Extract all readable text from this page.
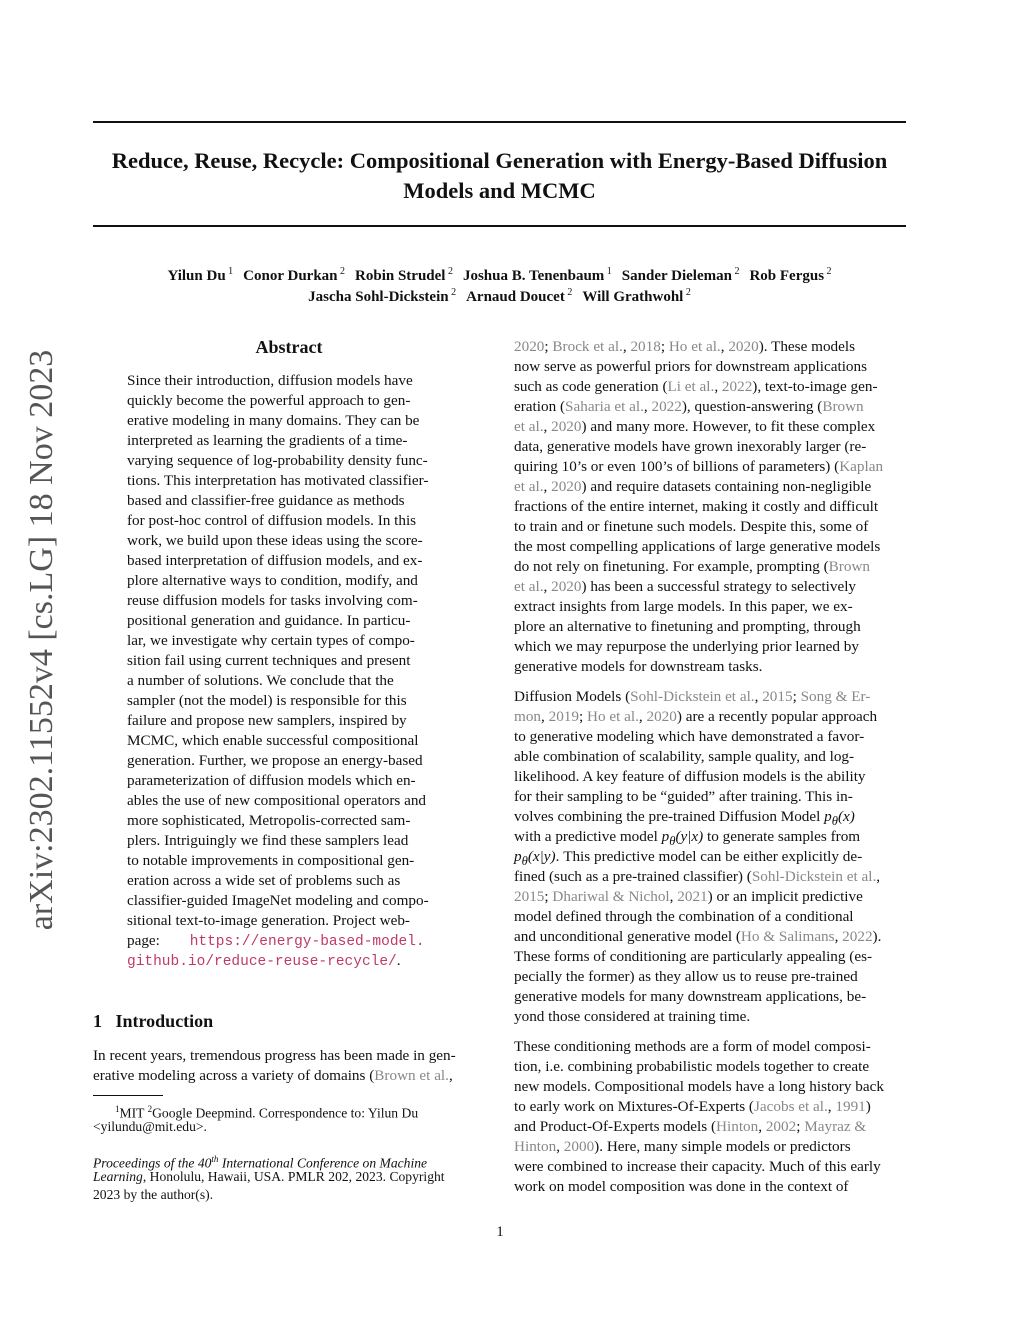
Reduce, Reuse, Recycle: Compositional Generation with Energy-Based Diffusion
Models and MCMC
Yilun Du $^1$ Conor Durkan $^2$ Robin Strudel $^2$ Joshua B. Tenenbaum $^1$ Sander Dieleman $^2$ Rob Fergus $^2$
Jascha Sohl-Dickstein $^2$ Arnaud Doucet $^2$ Will Grathwohl $^2$
arXiv:2302.11552v4 [cs.LG] 18 Nov 2023
Abstract
Since their introduction, diffusion models have
quickly become the powerful approach to gen-
erative modeling in many domains. They can be
interpreted as learning the gradients of a time-
varying sequence of log-probability density func-
tions. This interpretation has motivated classifier-
based and classifier-free guidance as methods
for post-hoc control of diffusion models. In this
work, we build upon these ideas using the score-
based interpretation of diffusion models, and ex-
plore alternative ways to condition, modify, and
reuse diffusion models for tasks involving com-
positional generation and guidance. In particu-
lar, we investigate why certain types of compo-
sition fail using current techniques and present
a number of solutions. We conclude that the
sampler (not the model) is responsible for this
failure and propose new samplers, inspired by
MCMC, which enable successful compositional
generation. Further, we propose an energy-based
parameterization of diffusion models which en-
ables the use of new compositional operators and
more sophisticated, Metropolis-corrected sam-
plers. Intriguingly we find these samplers lead
to notable improvements in compositional gen-
eration across a wide set of problems such as
classifier-guided ImageNet modeling and compo-
sitional text-to-image generation. Project web-
page: https://energy-based-model.
github.io/reduce-reuse-recycle/.
1   Introduction
In recent years, tremendous progress has been made in gen-
erative modeling across a variety of domains (Brown et al.,
$^1$MIT $^2$Google Deepmind. Correspondence to: Yilun Du
<yilundu@mit.edu>.
Proceedings of the 40th International Conference on Machine
Learning, Honolulu, Hawaii, USA. PMLR 202, 2023. Copyright
2023 by the author(s).
2020; Brock et al., 2018; Ho et al., 2020). These models
now serve as powerful priors for downstream applications
such as code generation (Li et al., 2022), text-to-image gen-
eration (Saharia et al., 2022), question-answering (Brown
et al., 2020) and many more. However, to fit these complex
data, generative models have grown inexorably larger (re-
quiring 10’s or even 100’s of billions of parameters) (Kaplan
et al., 2020) and require datasets containing non-negligible
fractions of the entire internet, making it costly and difficult
to train and or finetune such models. Despite this, some of
the most compelling applications of large generative models
do not rely on finetuning. For example, prompting (Brown
et al., 2020) has been a successful strategy to selectively
extract insights from large models. In this paper, we ex-
plore an alternative to finetuning and prompting, through
which we may repurpose the underlying prior learned by
generative models for downstream tasks.
Diffusion Models (Sohl-Dickstein et al., 2015; Song & Er-
mon, 2019; Ho et al., 2020) are a recently popular approach
to generative modeling which have demonstrated a favor-
able combination of scalability, sample quality, and log-
likelihood. A key feature of diffusion models is the ability
for their sampling to be “guided” after training. This in-
volves combining the pre-trained Diffusion Model $p_\theta(x)$
with a predictive model $p_\theta(y|x)$ to generate samples from
$p_\theta(x|y)$. This predictive model can be either explicitly de-
fined (such as a pre-trained classifier) (Sohl-Dickstein et al.,
2015; Dhariwal & Nichol, 2021) or an implicit predictive
model defined through the combination of a conditional
and unconditional generative model (Ho & Salimans, 2022).
These forms of conditioning are particularly appealing (es-
pecially the former) as they allow us to reuse pre-trained
generative models for many downstream applications, be-
yond those considered at training time.
These conditioning methods are a form of model composi-
tion, i.e. combining probabilistic models together to create
new models. Compositional models have a long history back
to early work on Mixtures-Of-Experts (Jacobs et al., 1991)
and Product-Of-Experts models (Hinton, 2002; Mayraz &
Hinton, 2000). Here, many simple models or predictors
were combined to increase their capacity. Much of this early
work on model composition was done in the context of
1
